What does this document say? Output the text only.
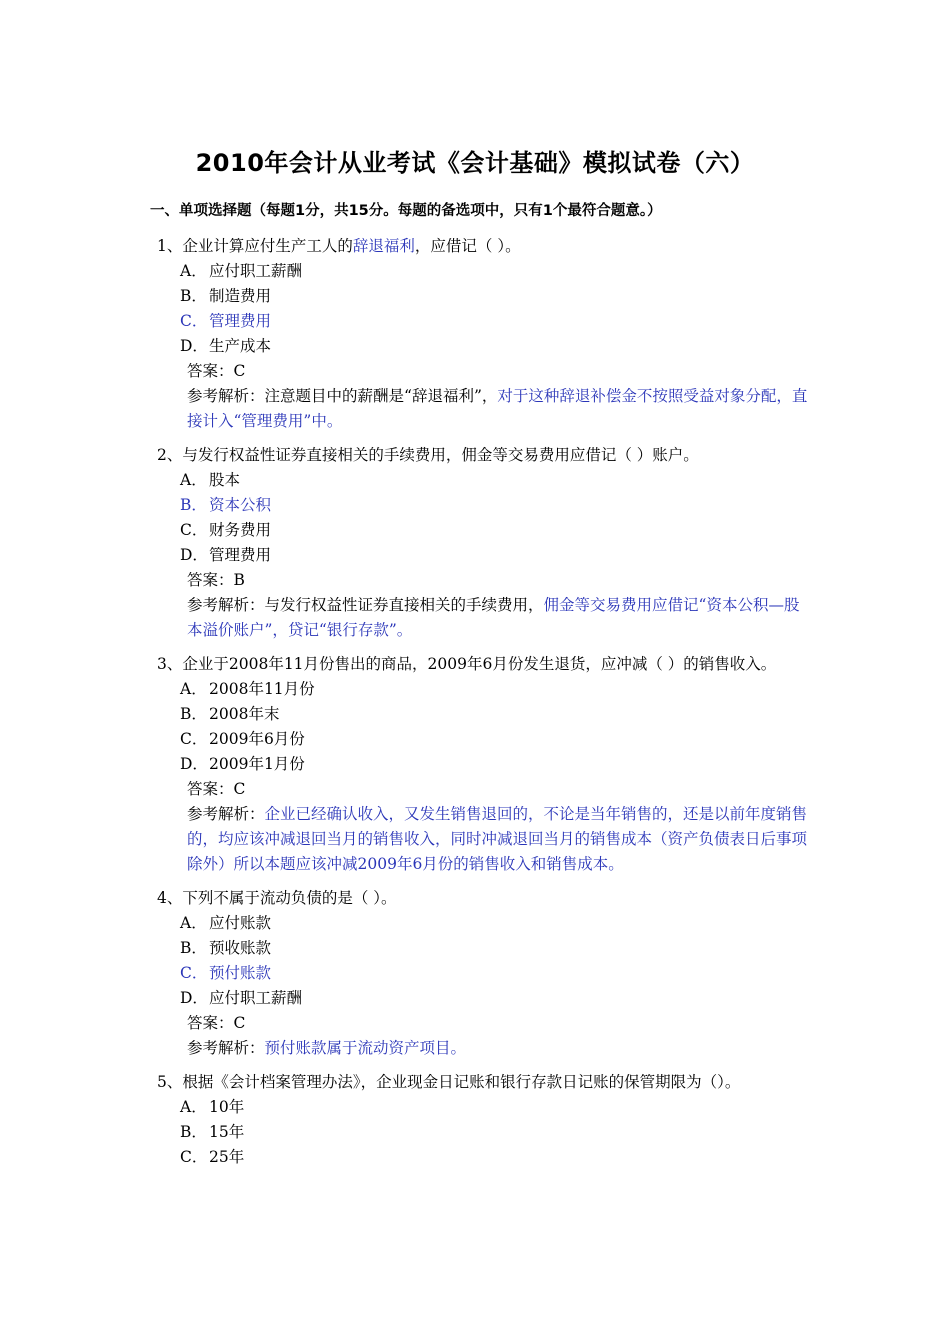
2010年会计从业考试《会计基础》模拟试卷（六）
一、单项选择题（每题1分，共15分。每题的备选项中，只有1个最符合题意。）
1、企业计算应付生产工人的辞退福利，应借记（ ）。
A． 应付职工薪酬
B． 制造费用
C． 管理费用
D．生产成本
答案：C
参考解析：注意题目中的薪酬是“辞退福利”，对于这种辞退补偿金不按照受益对象分配，直接计入“管理费用”中。
2、与发行权益性证券直接相关的手续费用，佣金等交易费用应借记（ ）账户。
A． 股本
B． 资本公积
C． 财务费用
D．管理费用
答案：B
参考解析：与发行权益性证券直接相关的手续费用，佣金等交易费用应借记“资本公积—股本溢价账户”，贷记“银行存款”。
3、企业于2008年11月份售出的商品，2009年6月份发生退货，应冲减（ ）的销售收入。
A． 2008年11月份
B． 2008年末
C． 2009年6月份
D．2009年1月份
答案：C
参考解析：企业已经确认收入，又发生销售退回的，不论是当年销售的，还是以前年度销售的，均应该冲减退回当月的销售收入，同时冲减退回当月的销售成本（资产负债表日后事项除外）所以本题应该冲减2009年6月份的销售收入和销售成本。
4、下列不属于流动负债的是（ ）。
A． 应付账款
B． 预收账款
C． 预付账款
D．应付职工薪酬
答案：C
参考解析：预付账款属于流动资产项目。
5、根据《会计档案管理办法》，企业现金日记账和银行存款日记账的保管期限为（）。
A． 10年
B． 15年
C． 25年
